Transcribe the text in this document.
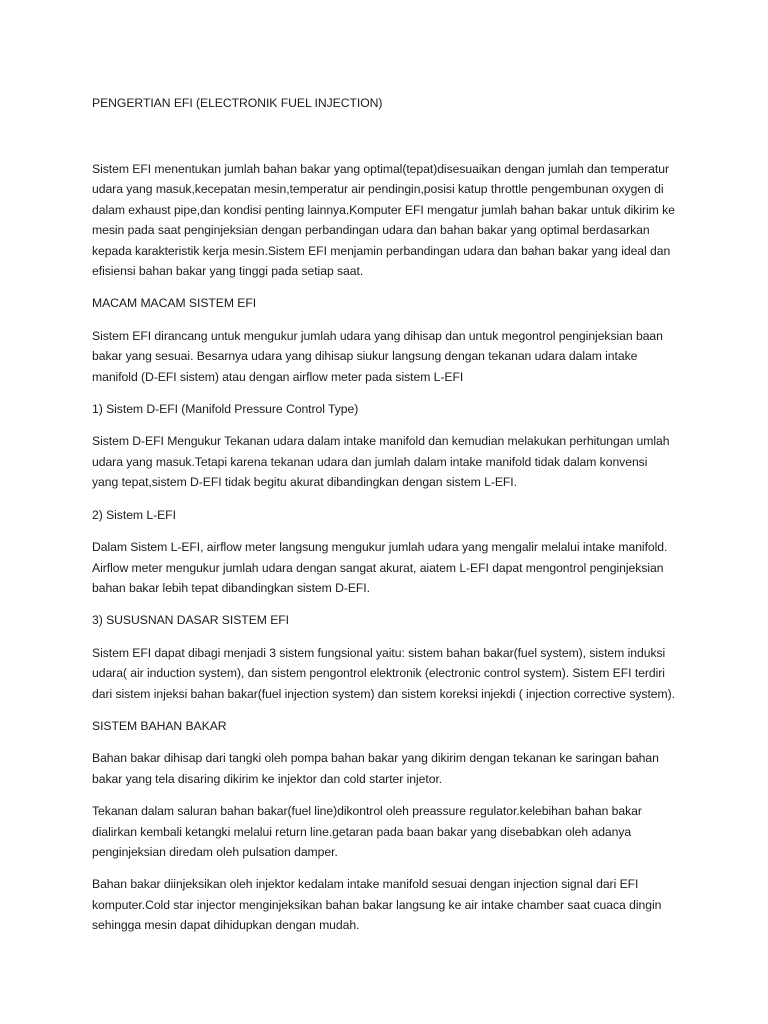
PENGERTIAN EFI (ELECTRONIK FUEL INJECTION)

Sistem EFI menentukan jumlah bahan bakar yang optimal(tepat)disesuaikan dengan jumlah dan temperatur udara yang masuk,kecepatan mesin,temperatur air pendingin,posisi katup throttle pengembunan oxygen di dalam exhaust pipe,dan kondisi penting lainnya.Komputer EFI mengatur jumlah bahan bakar untuk dikirim ke mesin pada saat penginjeksian dengan perbandingan udara dan bahan bakar yang optimal berdasarkan kepada karakteristik kerja mesin.Sistem EFI menjamin perbandingan udara dan bahan bakar yang ideal dan efisiensi bahan bakar yang tinggi pada setiap saat.

MACAM MACAM SISTEM EFI

Sistem EFI dirancang untuk mengukur jumlah udara yang dihisap dan untuk megontrol penginjeksian baan bakar yang sesuai. Besarnya udara yang dihisap siukur langsung dengan tekanan udara dalam intake manifold (D-EFI sistem) atau dengan airflow meter pada sistem L-EFI

1) Sistem D-EFI (Manifold Pressure Control Type)

Sistem D-EFI Mengukur Tekanan udara dalam intake manifold dan kemudian melakukan perhitungan umlah udara yang masuk.Tetapi karena tekanan udara dan jumlah dalam intake manifold tidak dalam konvensi yang tepat,sistem D-EFI tidak begitu akurat dibandingkan dengan sistem L-EFI.

2) Sistem L-EFI

Dalam Sistem L-EFI, airflow meter langsung mengukur jumlah udara yang mengalir melalui intake manifold. Airflow meter mengukur jumlah udara dengan sangat akurat, aiatem L-EFI dapat mengontrol penginjeksian bahan bakar lebih tepat dibandingkan sistem D-EFI.

3) SUSUSNAN DASAR SISTEM EFI

Sistem EFI dapat dibagi menjadi 3 sistem fungsional yaitu: sistem bahan bakar(fuel system), sistem induksi udara( air induction system), dan sistem pengontrol elektronik (electronic control system). Sistem EFI terdiri dari sistem injeksi bahan bakar(fuel injection system) dan sistem koreksi injekdi ( injection corrective system).

SISTEM BAHAN BAKAR

Bahan bakar dihisap dari tangki oleh pompa bahan bakar yang dikirim dengan tekanan ke saringan bahan bakar yang tela disaring dikirim ke injektor dan cold starter injetor.

Tekanan dalam saluran bahan bakar(fuel line)dikontrol oleh preassure regulator.kelebihan bahan bakar dialirkan kembali ketangki melalui return line.getaran pada baan bakar yang disebabkan oleh adanya penginjeksian diredam oleh pulsation damper.

Bahan bakar diinjeksikan oleh injektor kedalam intake manifold sesuai dengan injection signal dari EFI komputer.Cold star injector menginjeksikan bahan bakar langsung ke air intake chamber saat cuaca dingin sehingga mesin dapat dihidupkan dengan mudah.
